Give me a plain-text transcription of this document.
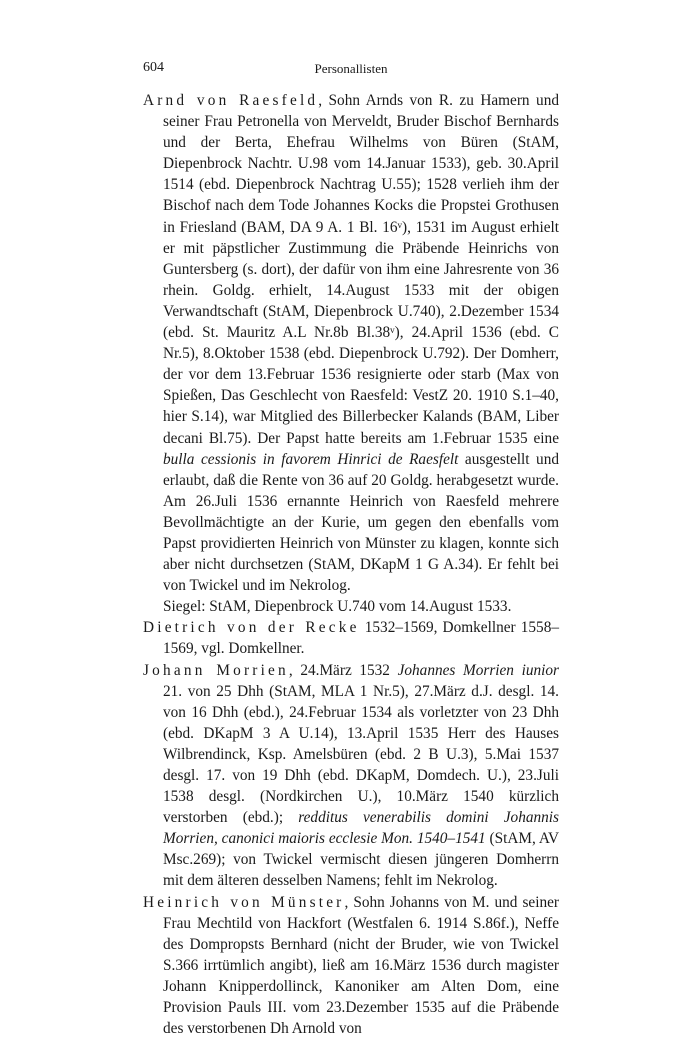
604	Personallisten

Arnd von Raesfeld, Sohn Arnds von R. zu Hamern und seiner Frau Petronella von Merveldt, Bruder Bischof Bernhards und der Berta, Ehefrau Wilhelms von Büren (StAM, Diepenbrock Nachtr. U.98 vom 14.Januar 1533), geb. 30.April 1514 (ebd. Diepenbrock Nachtrag U.55); 1528 verlieh ihm der Bischof nach dem Tode Johannes Kocks die Propstei Grothusen in Friesland (BAM, DA 9 A. 1 Bl. 16ᵛ), 1531 im August erhielt er mit päpstlicher Zustimmung die Präbende Heinrichs von Guntersberg (s. dort), der dafür von ihm eine Jahresrente von 36 rhein. Goldg. erhielt, 14.August 1533 mit der obigen Verwandtschaft (StAM, Diepenbrock U.740), 2.Dezember 1534 (ebd. St. Mauritz A.L Nr.8b Bl.38ᵛ), 24.April 1536 (ebd. C Nr.5), 8.Oktober 1538 (ebd. Diepenbrock U.792). Der Domherr, der vor dem 13.Februar 1536 resignierte oder starb (Max von Spießen, Das Geschlecht von Raesfeld: VestZ 20. 1910 S.1–40, hier S.14), war Mitglied des Billerbecker Kalands (BAM, Liber decani Bl.75). Der Papst hatte bereits am 1.Februar 1535 eine bulla cessionis in favorem Hinrici de Raesfelt ausgestellt und erlaubt, daß die Rente von 36 auf 20 Goldg. herabgesetzt wurde. Am 26.Juli 1536 ernannte Heinrich von Raesfeld mehrere Bevollmächtigte an der Kurie, um gegen den ebenfalls vom Papst providierten Heinrich von Münster zu klagen, konnte sich aber nicht durchsetzen (StAM, DKapM 1 G A.34). Er fehlt bei von Twickel und im Nekrolog.

Siegel: StAM, Diepenbrock U.740 vom 14.August 1533.

Dietrich von der Recke 1532–1569, Domkellner 1558–1569, vgl. Domkellner.

Johann Morrien, 24.März 1532 Johannes Morrien iunior 21. von 25 Dhh (StAM, MLA 1 Nr.5), 27.März d.J. desgl. 14. von 16 Dhh (ebd.), 24.Februar 1534 als vorletzter von 23 Dhh (ebd. DKapM 3 A U.14), 13.April 1535 Herr des Hauses Wilbrendinck, Ksp. Amelsbüren (ebd. 2 B U.3), 5.Mai 1537 desgl. 17. von 19 Dhh (ebd. DKapM, Domdech. U.), 23.Juli 1538 desgl. (Nordkirchen U.), 10.März 1540 kürzlich verstorben (ebd.); redditus venerabilis domini Johannis Morrien, canonici maioris ecclesie Mon. 1540–1541 (StAM, AV Msc.269); von Twickel vermischt diesen jüngeren Domherrn mit dem älteren desselben Namens; fehlt im Nekrolog.

Heinrich von Münster, Sohn Johanns von M. und seiner Frau Mechtild von Hackfort (Westfalen 6. 1914 S.86f.), Neffe des Dompropsts Bernhard (nicht der Bruder, wie von Twickel S.366 irrtümlich angibt), ließ am 16.März 1536 durch magister Johann Knipperdollinck, Kanoniker am Alten Dom, eine Provision Pauls III. vom 23.Dezember 1535 auf die Präbende des verstorbenen Dh Arnold von
